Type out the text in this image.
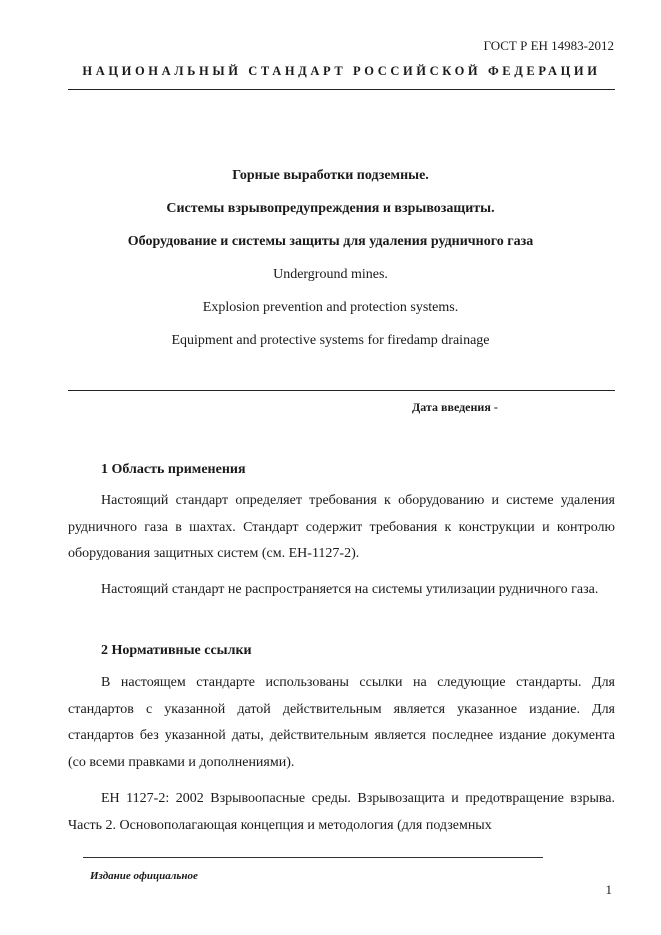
ГОСТ Р ЕН 14983-2012
НАЦИОНАЛЬНЫЙ СТАНДАРТ РОССИЙСКОЙ ФЕДЕРАЦИИ
Горные выработки подземные.
Системы взрывопредупреждения и взрывозащиты.
Оборудование и системы защиты для удаления рудничного газа
Underground mines.
Explosion prevention and protection systems.
Equipment and protective systems for firedamp drainage
Дата введения -
1 Область применения

Настоящий стандарт определяет требования к оборудованию и системе удаления рудничного газа в шахтах. Стандарт содержит требования к конструкции и контролю оборудования защитных систем (см. ЕН-1127-2).

Настоящий стандарт не распространяется на системы утилизации рудничного газа.

2 Нормативные ссылки

В настоящем стандарте использованы ссылки на следующие стандарты. Для стандартов с указанной датой действительным является указанное издание. Для стандартов без указанной даты, действительным является последнее издание документа (со всеми правками и дополнениями).

ЕН 1127-2: 2002 Взрывоопасные среды. Взрывозащита и предотвращение взрыва. Часть 2. Основополагающая концепция и методология (для подземных

Издание официальное
1
